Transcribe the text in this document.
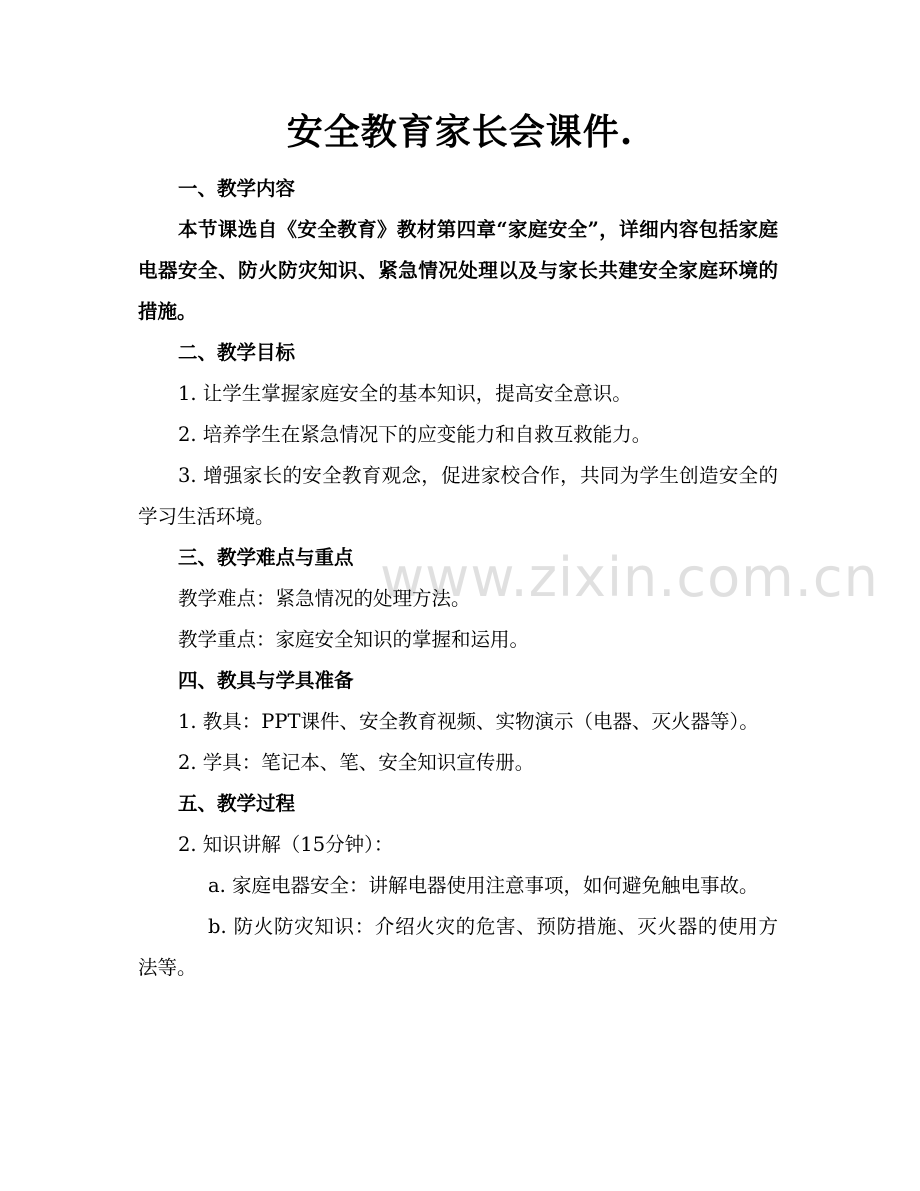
www.zixin.com.cn
安全教育家长会课件.

一、教学内容

本节课选自《安全教育》教材第四章“家庭安全”，详细内容包括家庭电器安全、防火防灾知识、紧急情况处理以及与家长共建安全家庭环境的措施。

二、教学目标

1. 让学生掌握家庭安全的基本知识，提高安全意识。

2. 培养学生在紧急情况下的应变能力和自救互救能力。

3. 增强家长的安全教育观念，促进家校合作，共同为学生创造安全的学习生活环境。

三、教学难点与重点

教学难点：紧急情况的处理方法。

教学重点：家庭安全知识的掌握和运用。

四、教具与学具准备

1. 教具：PPT课件、安全教育视频、实物演示（电器、灭火器等）。

2. 学具：笔记本、笔、安全知识宣传册。

五、教学过程

2. 知识讲解（15分钟）：

a. 家庭电器安全：讲解电器使用注意事项，如何避免触电事故。

b. 防火防灾知识：介绍火灾的危害、预防措施、灭火器的使用方法等。
